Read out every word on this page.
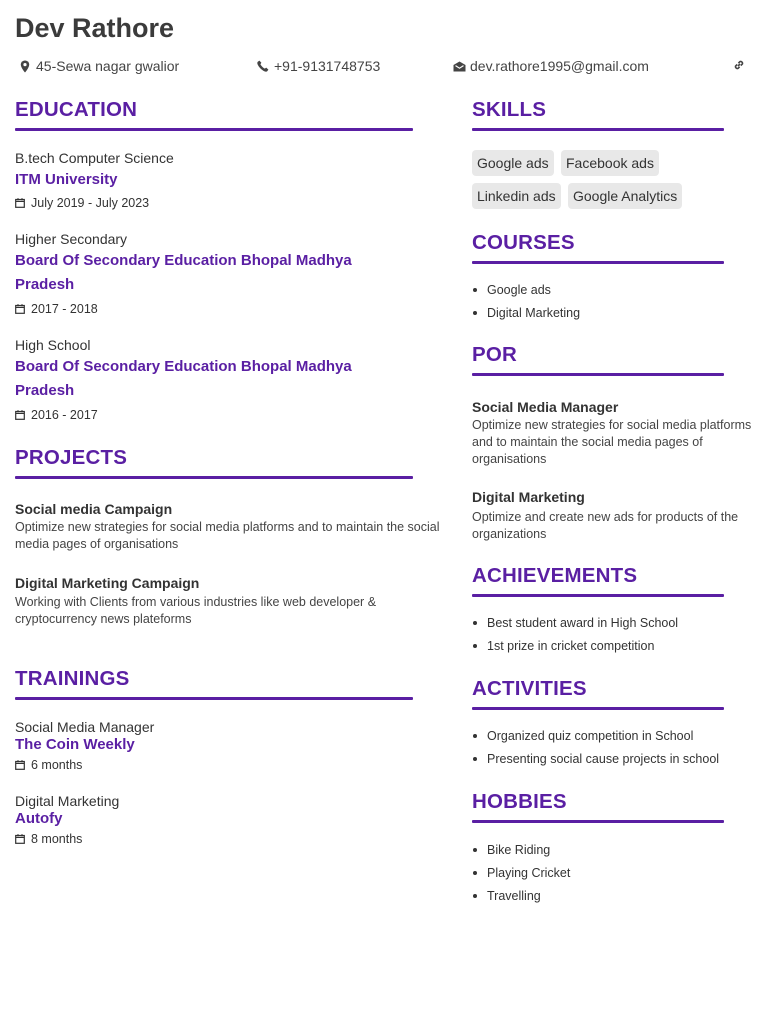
Dev Rathore
45-Sewa nagar gwalior	+91-9131748753	dev.rathore1995@gmail.com
EDUCATION
B.tech Computer Science
ITM University
July 2019 - July 2023
Higher Secondary
Board Of Secondary Education Bhopal Madhya Pradesh
2017 - 2018
High School
Board Of Secondary Education Bhopal Madhya Pradesh
2016 - 2017
PROJECTS
Social media Campaign
Optimize new strategies for social media platforms and to maintain the social media pages of organisations
Digital Marketing Campaign
Working with Clients from various industries like web developer & cryptocurrency news plateforms
TRAININGS
Social Media Manager
The Coin Weekly
6 months
Digital Marketing
Autofy
8 months
SKILLS
Google ads	Facebook ads
Linkedin ads	Google Analytics
COURSES
Google ads
Digital Marketing
POR
Social Media Manager
Optimize new strategies for social media platforms and to maintain the social media pages of organisations
Digital Marketing
Optimize and create new ads for products of the organizations
ACHIEVEMENTS
Best student award in High School
1st prize in cricket competition
ACTIVITIES
Organized quiz competition in School
Presenting social cause projects in school
HOBBIES
Bike Riding
Playing Cricket
Travelling
